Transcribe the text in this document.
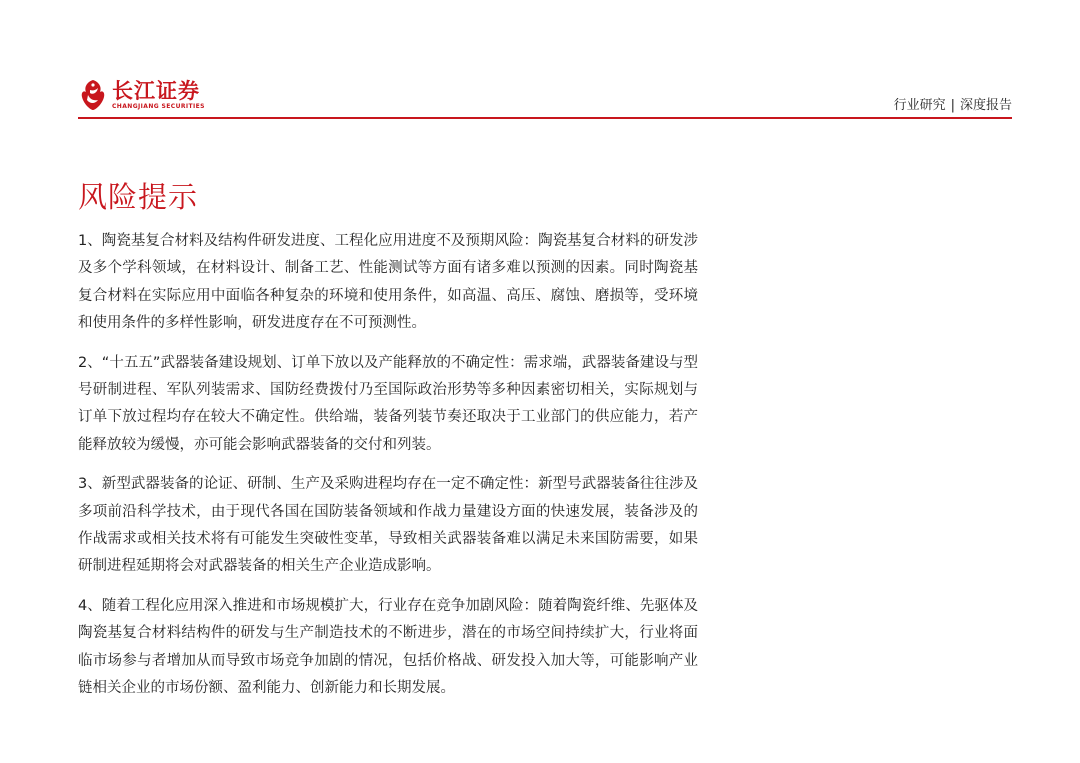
长江证券
CHANGJIANG SECURITIES	行业研究 | 深度报告
风险提示

1、陶瓷基复合材料及结构件研发进度、工程化应用进度不及预期风险：陶瓷基复合材料的研发涉及多个学科领域，在材料设计、制备工艺、性能测试等方面有诸多难以预测的因素。同时陶瓷基复合材料在实际应用中面临各种复杂的环境和使用条件，如高温、高压、腐蚀、磨损等，受环境和使用条件的多样性影响，研发进度存在不可预测性。

2、“十五五”武器装备建设规划、订单下放以及产能释放的不确定性：需求端，武器装备建设与型号研制进程、军队列装需求、国防经费拨付乃至国际政治形势等多种因素密切相关，实际规划与订单下放过程均存在较大不确定性。供给端，装备列装节奏还取决于工业部门的供应能力，若产能释放较为缓慢，亦可能会影响武器装备的交付和列装。

3、新型武器装备的论证、研制、生产及采购进程均存在一定不确定性：新型号武器装备往往涉及多项前沿科学技术，由于现代各国在国防装备领域和作战力量建设方面的快速发展，装备涉及的作战需求或相关技术将有可能发生突破性变革，导致相关武器装备难以满足未来国防需要，如果研制进程延期将会对武器装备的相关生产企业造成影响。

4、随着工程化应用深入推进和市场规模扩大，行业存在竞争加剧风险：随着陶瓷纤维、先驱体及陶瓷基复合材料结构件的研发与生产制造技术的不断进步，潜在的市场空间持续扩大，行业将面临市场参与者增加从而导致市场竞争加剧的情况，包括价格战、研发投入加大等，可能影响产业链相关企业的市场份额、盈利能力、创新能力和长期发展。
